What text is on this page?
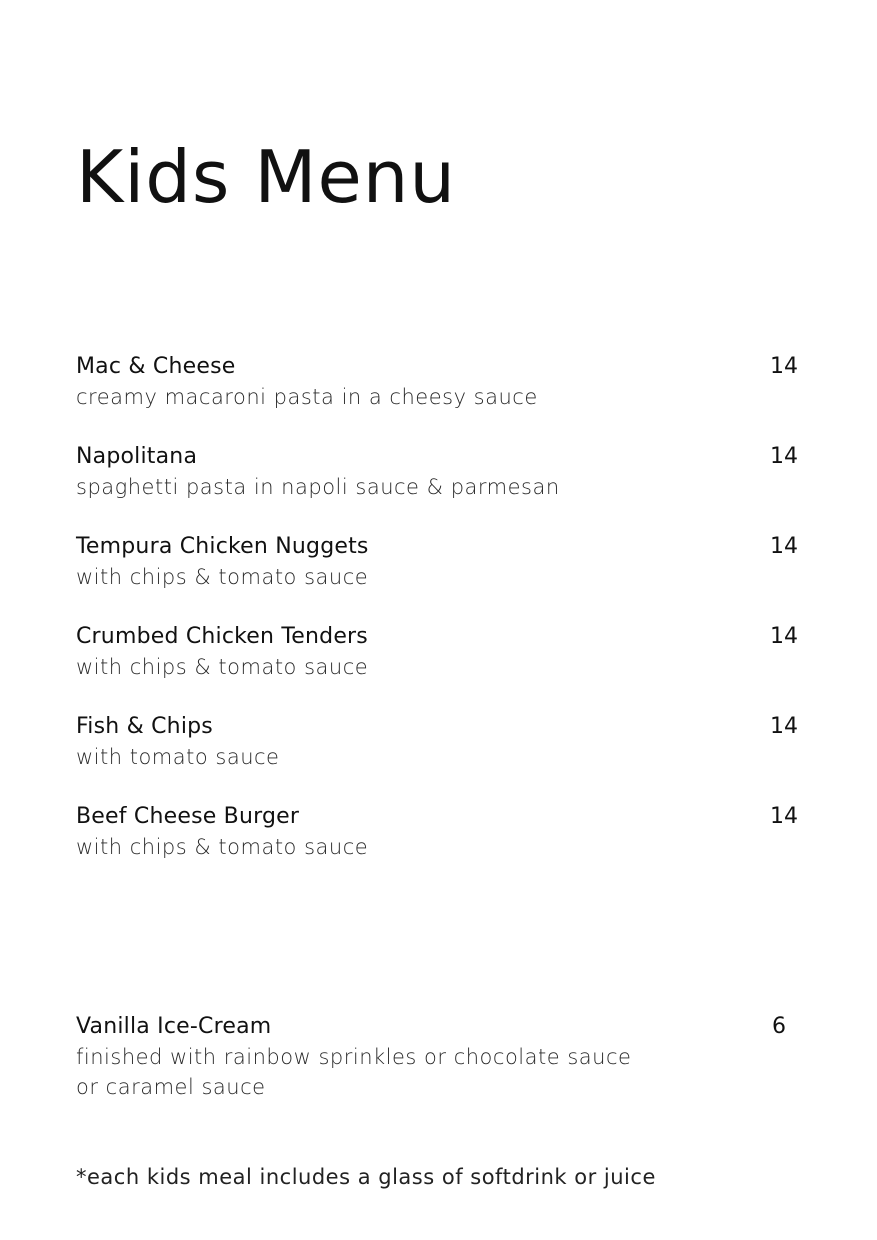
Kids Menu
Mac & Cheese
creamy macaroni pasta in a cheesy sauce
14
Napolitana
spaghetti pasta in napoli sauce & parmesan
14
Tempura Chicken Nuggets
with chips & tomato sauce
14
Crumbed Chicken Tenders
with chips & tomato sauce
14
Fish & Chips
with tomato sauce
14
Beef Cheese Burger
with chips & tomato sauce
14
Vanilla Ice-Cream
finished with rainbow sprinkles or chocolate sauce
or caramel sauce
6
*each kids meal includes a glass of softdrink or juice
